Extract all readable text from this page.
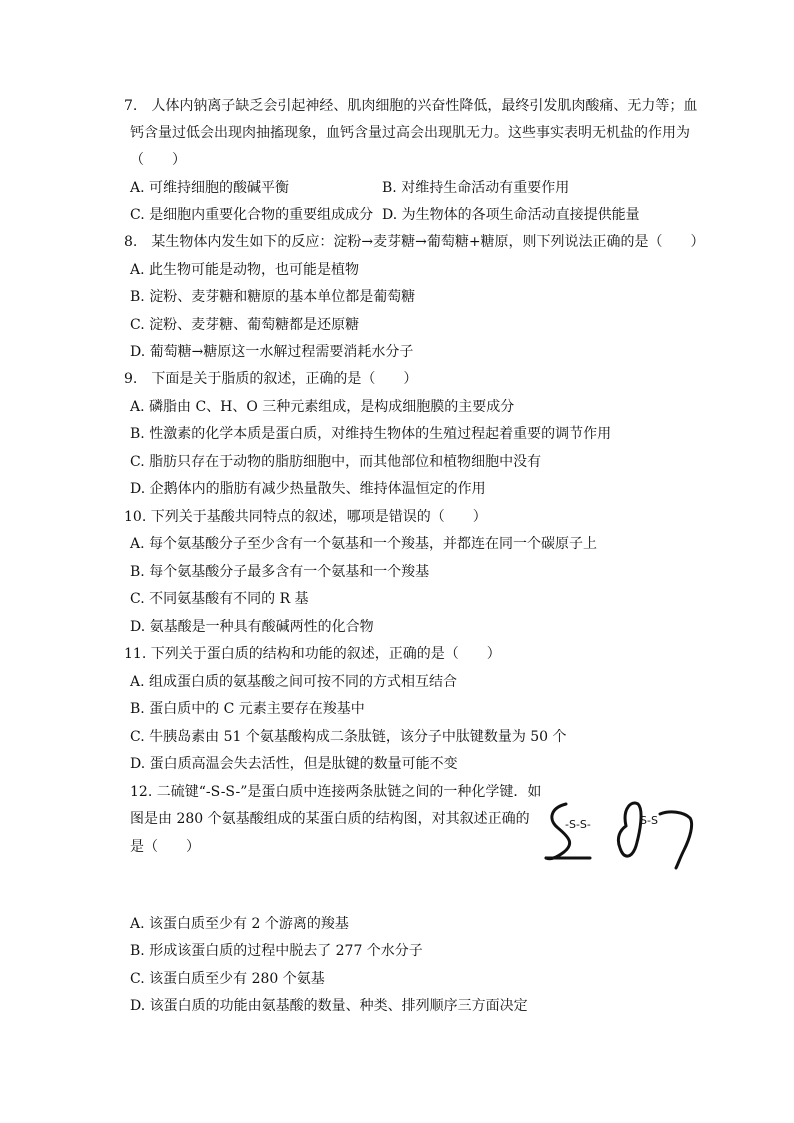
7.　人体内钠离子缺乏会引起神经、肌肉细胞的兴奋性降低，最终引发肌肉酸痛、无力等；血
钙含量过低会出现肉抽搐现象，血钙含量过高会出现肌无力。这些事实表明无机盐的作用为
（　　）
A. 可维持细胞的酸碱平衡	B. 对维持生命活动有重要作用
C. 是细胞内重要化合物的重要组成成分 D. 为生物体的各项生命活动直接提供能量
8.　某生物体内发生如下的反应：淀粉→麦芽糖→葡萄糖+糖原，则下列说法正确的是（　　）
A. 此生物可能是动物，也可能是植物
B. 淀粉、麦芽糖和糖原的基本单位都是葡萄糖
C. 淀粉、麦芽糖、葡萄糖都是还原糖
D. 葡萄糖→糖原这一水解过程需要消耗水分子
9.　下面是关于脂质的叙述，正确的是（　　）
A. 磷脂由 C、H、O 三种元素组成，是构成细胞膜的主要成分
B. 性激素的化学本质是蛋白质，对维持生物体的生殖过程起着重要的调节作用
C. 脂肪只存在于动物的脂肪细胞中，而其他部位和植物细胞中没有
D. 企鹅体内的脂肪有减少热量散失、维持体温恒定的作用
10. 下列关于基酸共同特点的叙述，哪项是错误的（　　）
A. 每个氨基酸分子至少含有一个氨基和一个羧基，并都连在同一个碳原子上
B. 每个氨基酸分子最多含有一个氨基和一个羧基
C. 不同氨基酸有不同的 R 基
D. 氨基酸是一种具有酸碱两性的化合物
11. 下列关于蛋白质的结构和功能的叙述，正确的是（　　）
A. 组成蛋白质的氨基酸之间可按不同的方式相互结合
B. 蛋白质中的 C 元素主要存在羧基中
C. 牛胰岛素由 51 个氨基酸构成二条肽链，该分子中肽键数量为 50 个
D. 蛋白质高温会失去活性，但是肽键的数量可能不变
12. 二硫键“-S-S-”是蛋白质中连接两条肽链之间的一种化学键．如
图是由 280 个氨基酸组成的某蛋白质的结构图，对其叙述正确的
是（　　）
-S-S-	S-S
A. 该蛋白质至少有 2 个游离的羧基
B. 形成该蛋白质的过程中脱去了 277 个水分子
C. 该蛋白质至少有 280 个氨基
D. 该蛋白质的功能由氨基酸的数量、种类、排列顺序三方面决定
